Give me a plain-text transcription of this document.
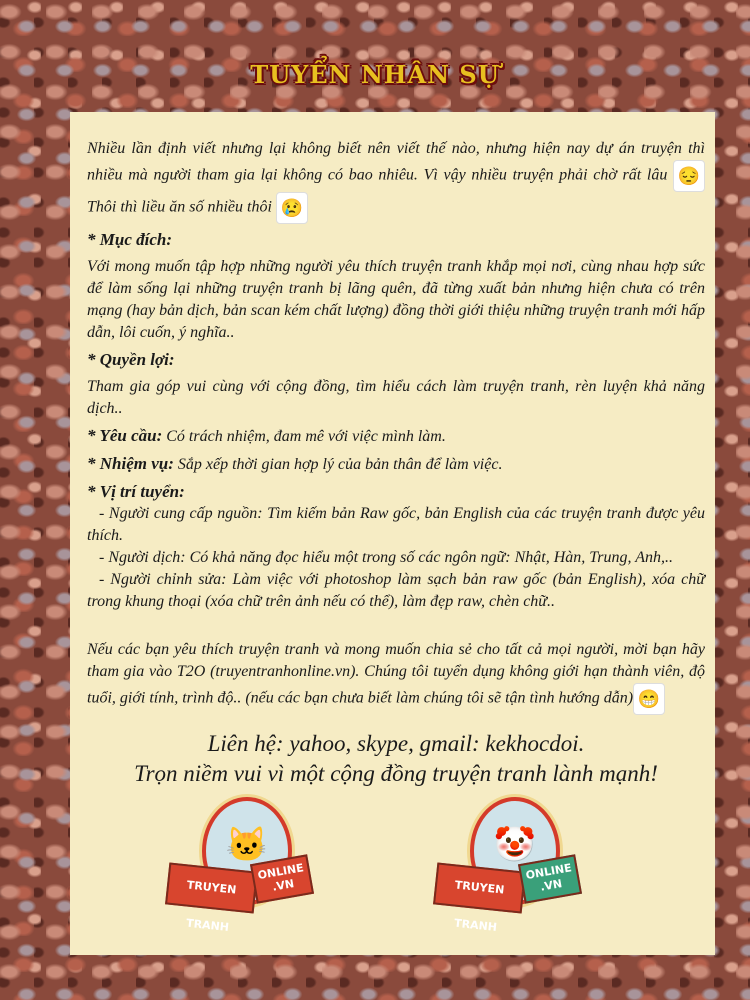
TUYỂN NHÂN SỰ

Nhiều lần định viết nhưng lại không biết nên viết thế nào, nhưng hiện nay dự án truyện thì nhiều mà người tham gia lại không có bao nhiêu. Vì vậy nhiều truyện phải chờ rất lâu 😔 Thôi thì liều ăn số nhiều thôi 😢

* Mục đích:

Với mong muốn tập hợp những người yêu thích truyện tranh khắp mọi nơi, cùng nhau hợp sức để làm sống lại những truyện tranh bị lãng quên, đã từng xuất bản nhưng hiện chưa có trên mạng (hay bản dịch, bản scan kém chất lượng) đồng thời giới thiệu những truyện tranh mới hấp dẫn, lôi cuốn, ý nghĩa..

* Quyền lợi:

Tham gia góp vui cùng với cộng đồng, tìm hiểu cách làm truyện tranh, rèn luyện khả năng dịch..

* Yêu cầu: Có trách nhiệm, đam mê với việc mình làm.

* Nhiệm vụ: Sắp xếp thời gian hợp lý của bản thân để làm việc.

* Vị trí tuyển:

- Người cung cấp nguồn: Tìm kiếm bản Raw gốc, bản English của các truyện tranh được yêu thích.

- Người dịch: Có khả năng đọc hiểu một trong số các ngôn ngữ: Nhật, Hàn, Trung, Anh,..

- Người chỉnh sửa: Làm việc với photoshop làm sạch bản raw gốc (bản English), xóa chữ trong khung thoại (xóa chữ trên ảnh nếu có thể), làm đẹp raw, chèn chữ..

Nếu các bạn yêu thích truyện tranh và mong muốn chia sẻ cho tất cả mọi người, mời bạn hãy tham gia vào T2O (truyentranhonline.vn). Chúng tôi tuyển dụng không giới hạn thành viên, độ tuổi, giới tính, trình độ.. (nếu các bạn chưa biết làm chúng tôi sẽ tận tình hướng dẫn) 😁

Liên hệ: yahoo, skype, gmail: kekhocdoi.
Trọn niềm vui vì một cộng đồng truyện tranh lành mạnh!
🐱
TRUYEN TRANH
ONLINE
.VN
🤡
TRUYEN TRANH
ONLINE
.VN
